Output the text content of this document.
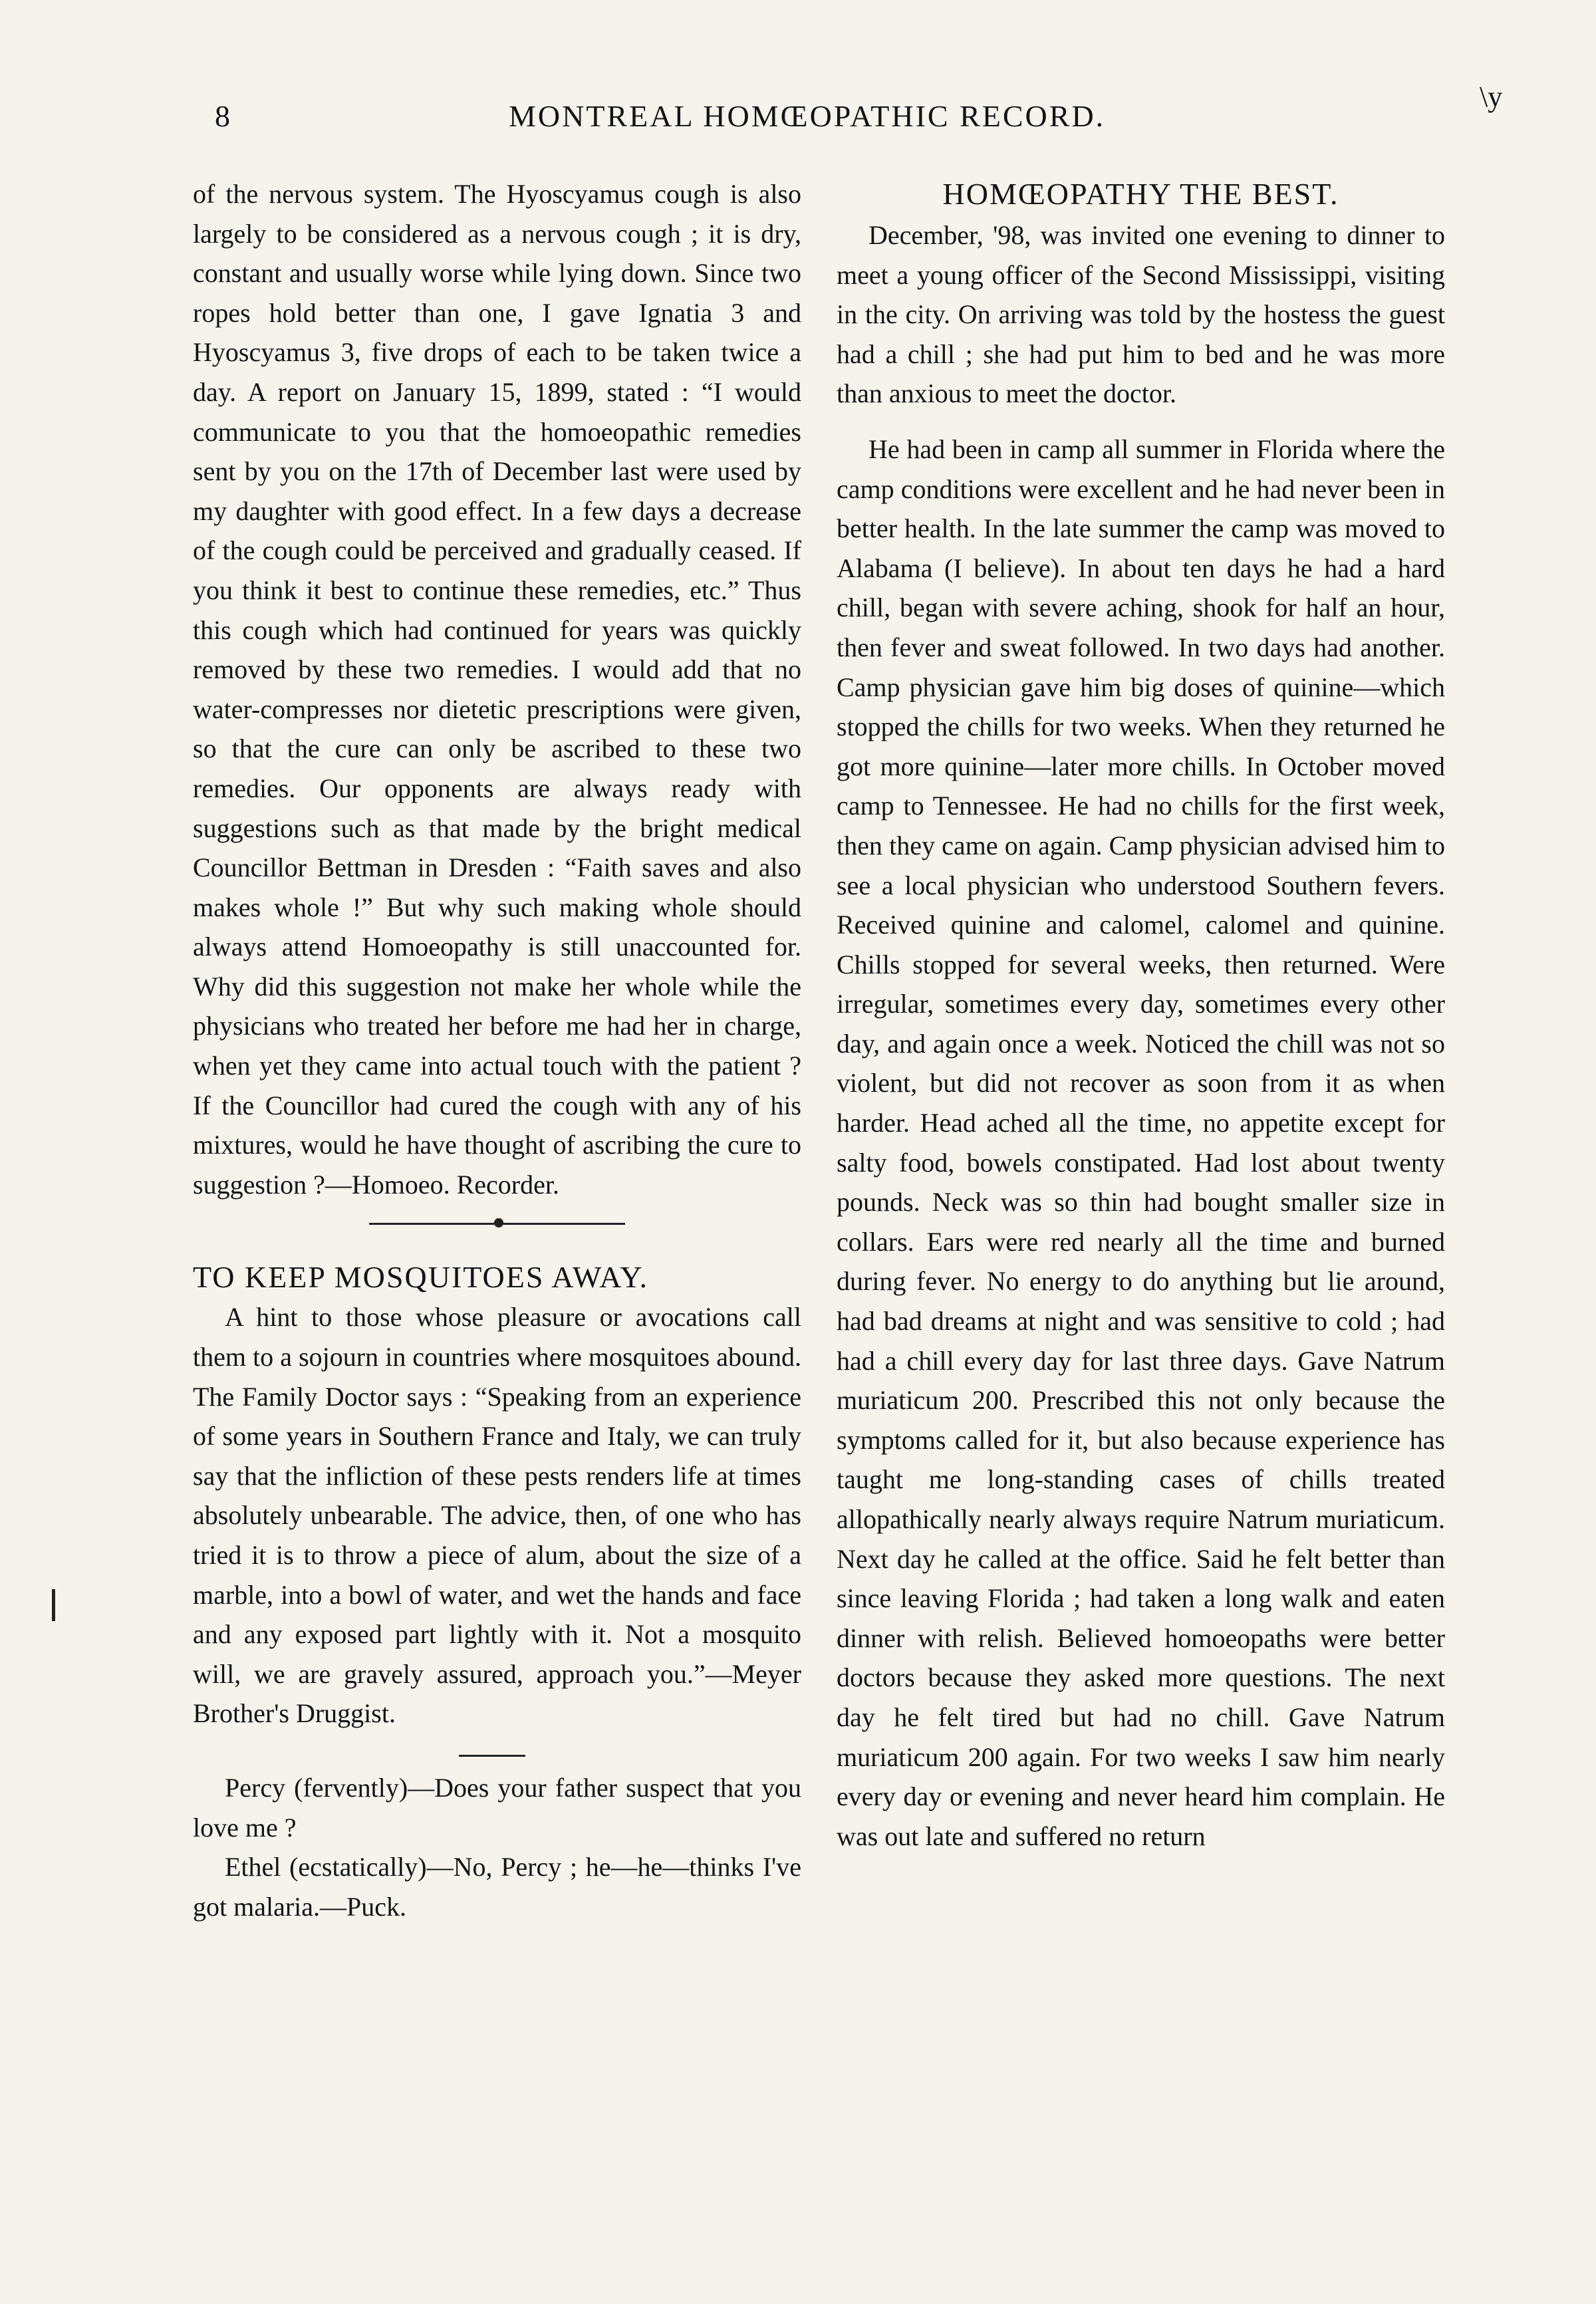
8	MONTREAL HOMŒOPATHIC RECORD.
\y

of the nervous system. The Hyoscyamus cough is also largely to be considered as a nervous cough ; it is dry, constant and usually worse while lying down. Since two ropes hold better than one, I gave Ignatia 3 and Hyoscyamus 3, five drops of each to be taken twice a day. A report on January 15, 1899, stated : “I would communicate to you that the homoeopathic remedies sent by you on the 17th of December last were used by my daughter with good effect. In a few days a decrease of the cough could be perceived and gradually ceased. If you think it best to continue these remedies, etc.” Thus this cough which had continued for years was quickly removed by these two remedies. I would add that no water-compresses nor dietetic prescriptions were given, so that the cure can only be ascribed to these two remedies. Our opponents are always ready with suggestions such as that made by the bright medical Councillor Bettman in Dresden : “Faith saves and also makes whole !” But why such making whole should always attend Homoeopathy is still unaccounted for. Why did this suggestion not make her whole while the physicians who treated her before me had her in charge, when yet they came into actual touch with the patient ? If the Councillor had cured the cough with any of his mixtures, would he have thought of ascribing the cure to suggestion ?—Homoeo. Recorder.

TO KEEP MOSQUITOES AWAY.

A hint to those whose pleasure or avocations call them to a sojourn in countries where mosquitoes abound. The Family Doctor says : “Speaking from an experience of some years in Southern France and Italy, we can truly say that the infliction of these pests renders life at times absolutely unbearable. The advice, then, of one who has tried it is to throw a piece of alum, about the size of a marble, into a bowl of water, and wet the hands and face and any exposed part lightly with it. Not a mosquito will, we are gravely assured, approach you.”—Meyer Brother's Druggist.

Percy (fervently)—Does your father suspect that you love me ?

Ethel (ecstatically)—No, Percy ; he—he—thinks I've got malaria.—Puck.

HOMŒOPATHY THE BEST.

December, '98, was invited one evening to dinner to meet a young officer of the Second Mississippi, visiting in the city. On arriving was told by the hostess the guest had a chill ; she had put him to bed and he was more than anxious to meet the doctor.

He had been in camp all summer in Florida where the camp conditions were excellent and he had never been in better health. In the late summer the camp was moved to Alabama (I believe). In about ten days he had a hard chill, began with severe aching, shook for half an hour, then fever and sweat followed. In two days had another. Camp physician gave him big doses of quinine—which stopped the chills for two weeks. When they returned he got more quinine—later more chills. In October moved camp to Tennessee. He had no chills for the first week, then they came on again. Camp physician advised him to see a local physician who understood Southern fevers. Received quinine and calomel, calomel and quinine. Chills stopped for several weeks, then returned. Were irregular, sometimes every day, sometimes every other day, and again once a week. Noticed the chill was not so violent, but did not recover as soon from it as when harder. Head ached all the time, no appetite except for salty food, bowels constipated. Had lost about twenty pounds. Neck was so thin had bought smaller size in collars. Ears were red nearly all the time and burned during fever. No energy to do anything but lie around, had bad dreams at night and was sensitive to cold ; had had a chill every day for last three days. Gave Natrum muriaticum 200. Prescribed this not only because the symptoms called for it, but also because experience has taught me long-standing cases of chills treated allopathically nearly always require Natrum muriaticum. Next day he called at the office. Said he felt better than since leaving Florida ; had taken a long walk and eaten dinner with relish. Believed homoeopaths were better doctors because they asked more questions. The next day he felt tired but had no chill. Gave Natrum muriaticum 200 again. For two weeks I saw him nearly every day or evening and never heard him complain. He was out late and suffered no return
